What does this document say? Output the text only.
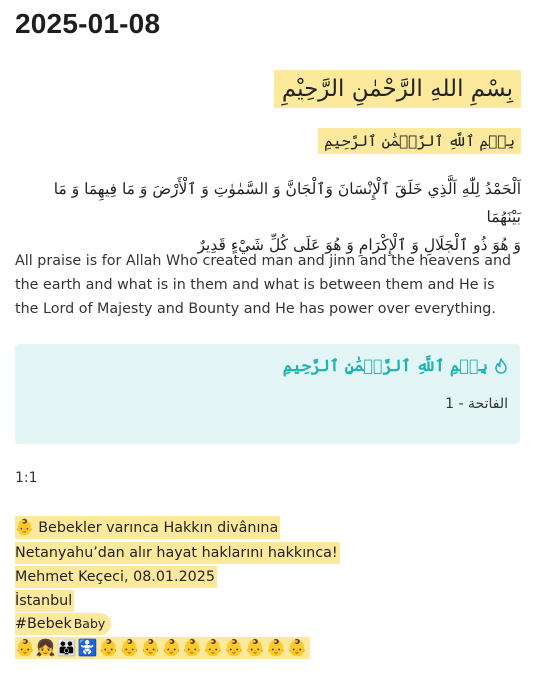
2025-01-08
بِسْمِ اللهِ الرَّحْمٰنِ الرَّحِيْمِ
بِسۡمِ ٱللَّهِ ٱلرَّحۡمَٰنِ ٱلرَّحِيمِ
اَلْحَمْدُ لِلّٰهِ اَلَّذِي خَلَقَ ٱلْإِنْسَانَ وَٱلْجَانَّ وَ السَّمٰوٰتِ وَ ٱلْأَرْضَ وَ مَا فِيهِمَا وَ مَا بَيْنَهُمَا
وَ هُوَ ذُو ٱلْجَلَالِ وَ ٱلْإِكْرَامِ وَ هُوَ عَلَى كُلِّ شَيْءٍ قَدِيرٌ
All praise is for Allah Who created man and jinn and the heavens and the earth and what is in them and what is between them and He is the Lord of Majesty and Bounty and He has power over everything.
بِسۡمِ ٱللَّهِ ٱلرَّحۡمَٰنِ ٱلرَّحِيمِ
الفاتحة - 1
1:1
👶 Bebekler varınca Hakkın divânına
Netanyahu’dan alır hayat haklarını hakkınca!
Mehmet Keçeci, 08.01.2025
İstanbul
#Bebek Baby
👶👧👪🚼👶👶👶👶👶👶👶👶👶👶
